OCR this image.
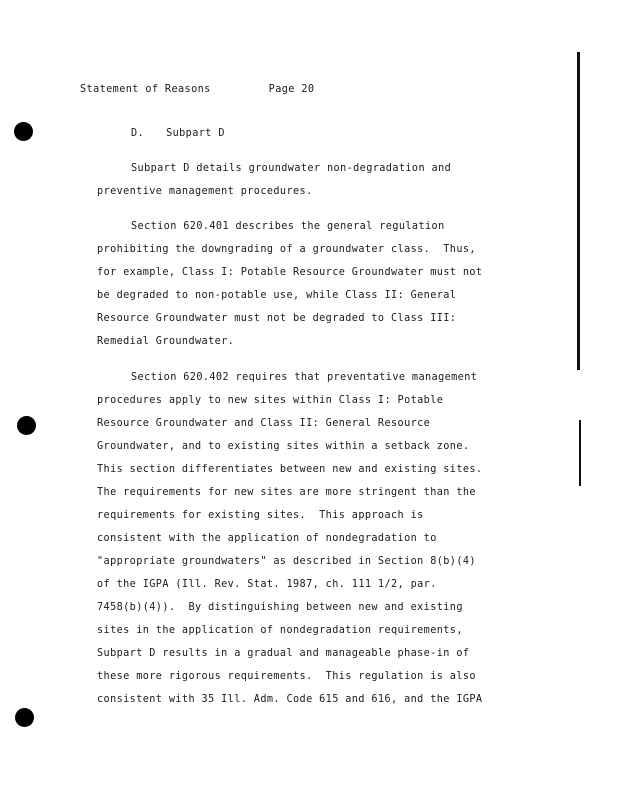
Statement of Reasons	Page 20
D. Subpart D
Subpart D details groundwater non-degradation and
preventive management procedures.
Section 620.401 describes the general regulation
prohibiting the downgrading of a groundwater class.  Thus,
for example, Class I: Potable Resource Groundwater must not
be degraded to non-potable use, while Class II: General
Resource Groundwater must not be degraded to Class III:
Remedial Groundwater.
Section 620.402 requires that preventative management
procedures apply to new sites within Class I: Potable
Resource Groundwater and Class II: General Resource
Groundwater, and to existing sites within a setback zone.
This section differentiates between new and existing sites.
The requirements for new sites are more stringent than the
requirements for existing sites.  This approach is
consistent with the application of nondegradation to
"appropriate groundwaters" as described in Section 8(b)(4)
of the IGPA (Ill. Rev. Stat. 1987, ch. 111 1/2, par.
7458(b)(4)).  By distinguishing between new and existing
sites in the application of nondegradation requirements,
Subpart D results in a gradual and manageable phase-in of
these more rigorous requirements.  This regulation is also
consistent with 35 Ill. Adm. Code 615 and 616, and the IGPA
